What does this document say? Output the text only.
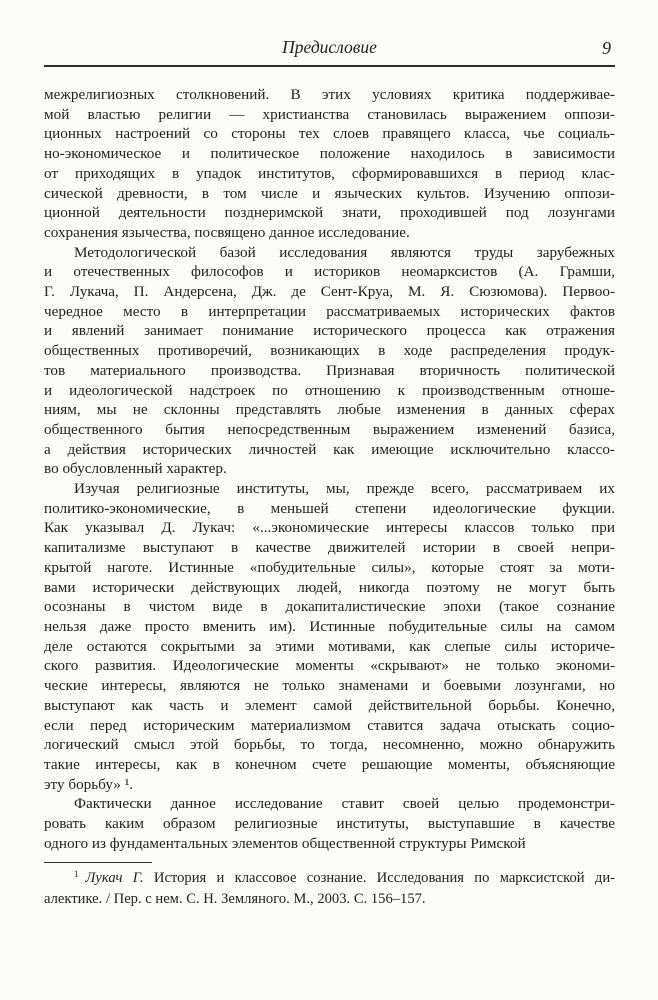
Предисловие	9
межрелигиозных столкновений. В этих условиях критика поддерживае-
мой властью религии — христианства становилась выражением оппози-
ционных настроений со стороны тех слоев правящего класса, чье социаль-
но-экономическое и политическое положение находилось в зависимости
от приходящих в упадок институтов, сформировавшихся в период клас-
сической древности, в том числе и языческих культов. Изучению оппози-
ционной деятельности позднеримской знати, проходившей под лозунгами
сохранения язычества, посвящено данное исследование.
Методологической базой исследования являются труды зарубежных
и отечественных философов и историков неомарксистов (А. Грамши,
Г. Лукача, П. Андерсена, Дж. де Сент-Круа, М. Я. Сюзюмова). Первоо-
чередное место в интерпретации рассматриваемых исторических фактов
и явлений занимает понимание исторического процесса как отражения
общественных противоречий, возникающих в ходе распределения продук-
тов материального производства. Признавая вторичность политической
и идеологической надстроек по отношению к производственным отноше-
ниям, мы не склонны представлять любые изменения в данных сферах
общественного бытия непосредственным выражением изменений базиса,
а действия исторических личностей как имеющие исключительно классо-
во обусловленный характер.
Изучая религиозные институты, мы, прежде всего, рассматриваем их
политико-экономические, в меньшей степени идеологические фукции.
Как указывал Д. Лукач: «...экономические интересы классов только при
капитализме выступают в качестве движителей истории в своей непри-
крытой наготе. Истинные «побудительные силы», которые стоят за моти-
вами исторически действующих людей, никогда поэтому не могут быть
осознаны в чистом виде в докапиталистические эпохи (такое сознание
нельзя даже просто вменить им). Истинные побудительные силы на самом
деле остаются сокрытыми за этими мотивами, как слепые силы историче-
ского развития. Идеологические моменты «скрывают» не только экономи-
ческие интересы, являются не только знаменами и боевыми лозунгами, но
выступают как часть и элемент самой действительной борьбы. Конечно,
если перед историческим материализмом ставится задача отыскать социо-
логический смысл этой борьбы, то тогда, несомненно, можно обнаружить
такие интересы, как в конечном счете решающие моменты, объясняющие
эту борьбу» ¹.
Фактически данное исследование ставит своей целью продемонстри-
ровать каким образом религиозные институты, выступавшие в качестве
одного из фундаментальных элементов общественной структуры Римской
$^1$ Лукач Г. История и классовое сознание. Исследования по марксистской ди-
алектике. / Пер. с нем. С. Н. Земляного. М., 2003. С. 156–157.
